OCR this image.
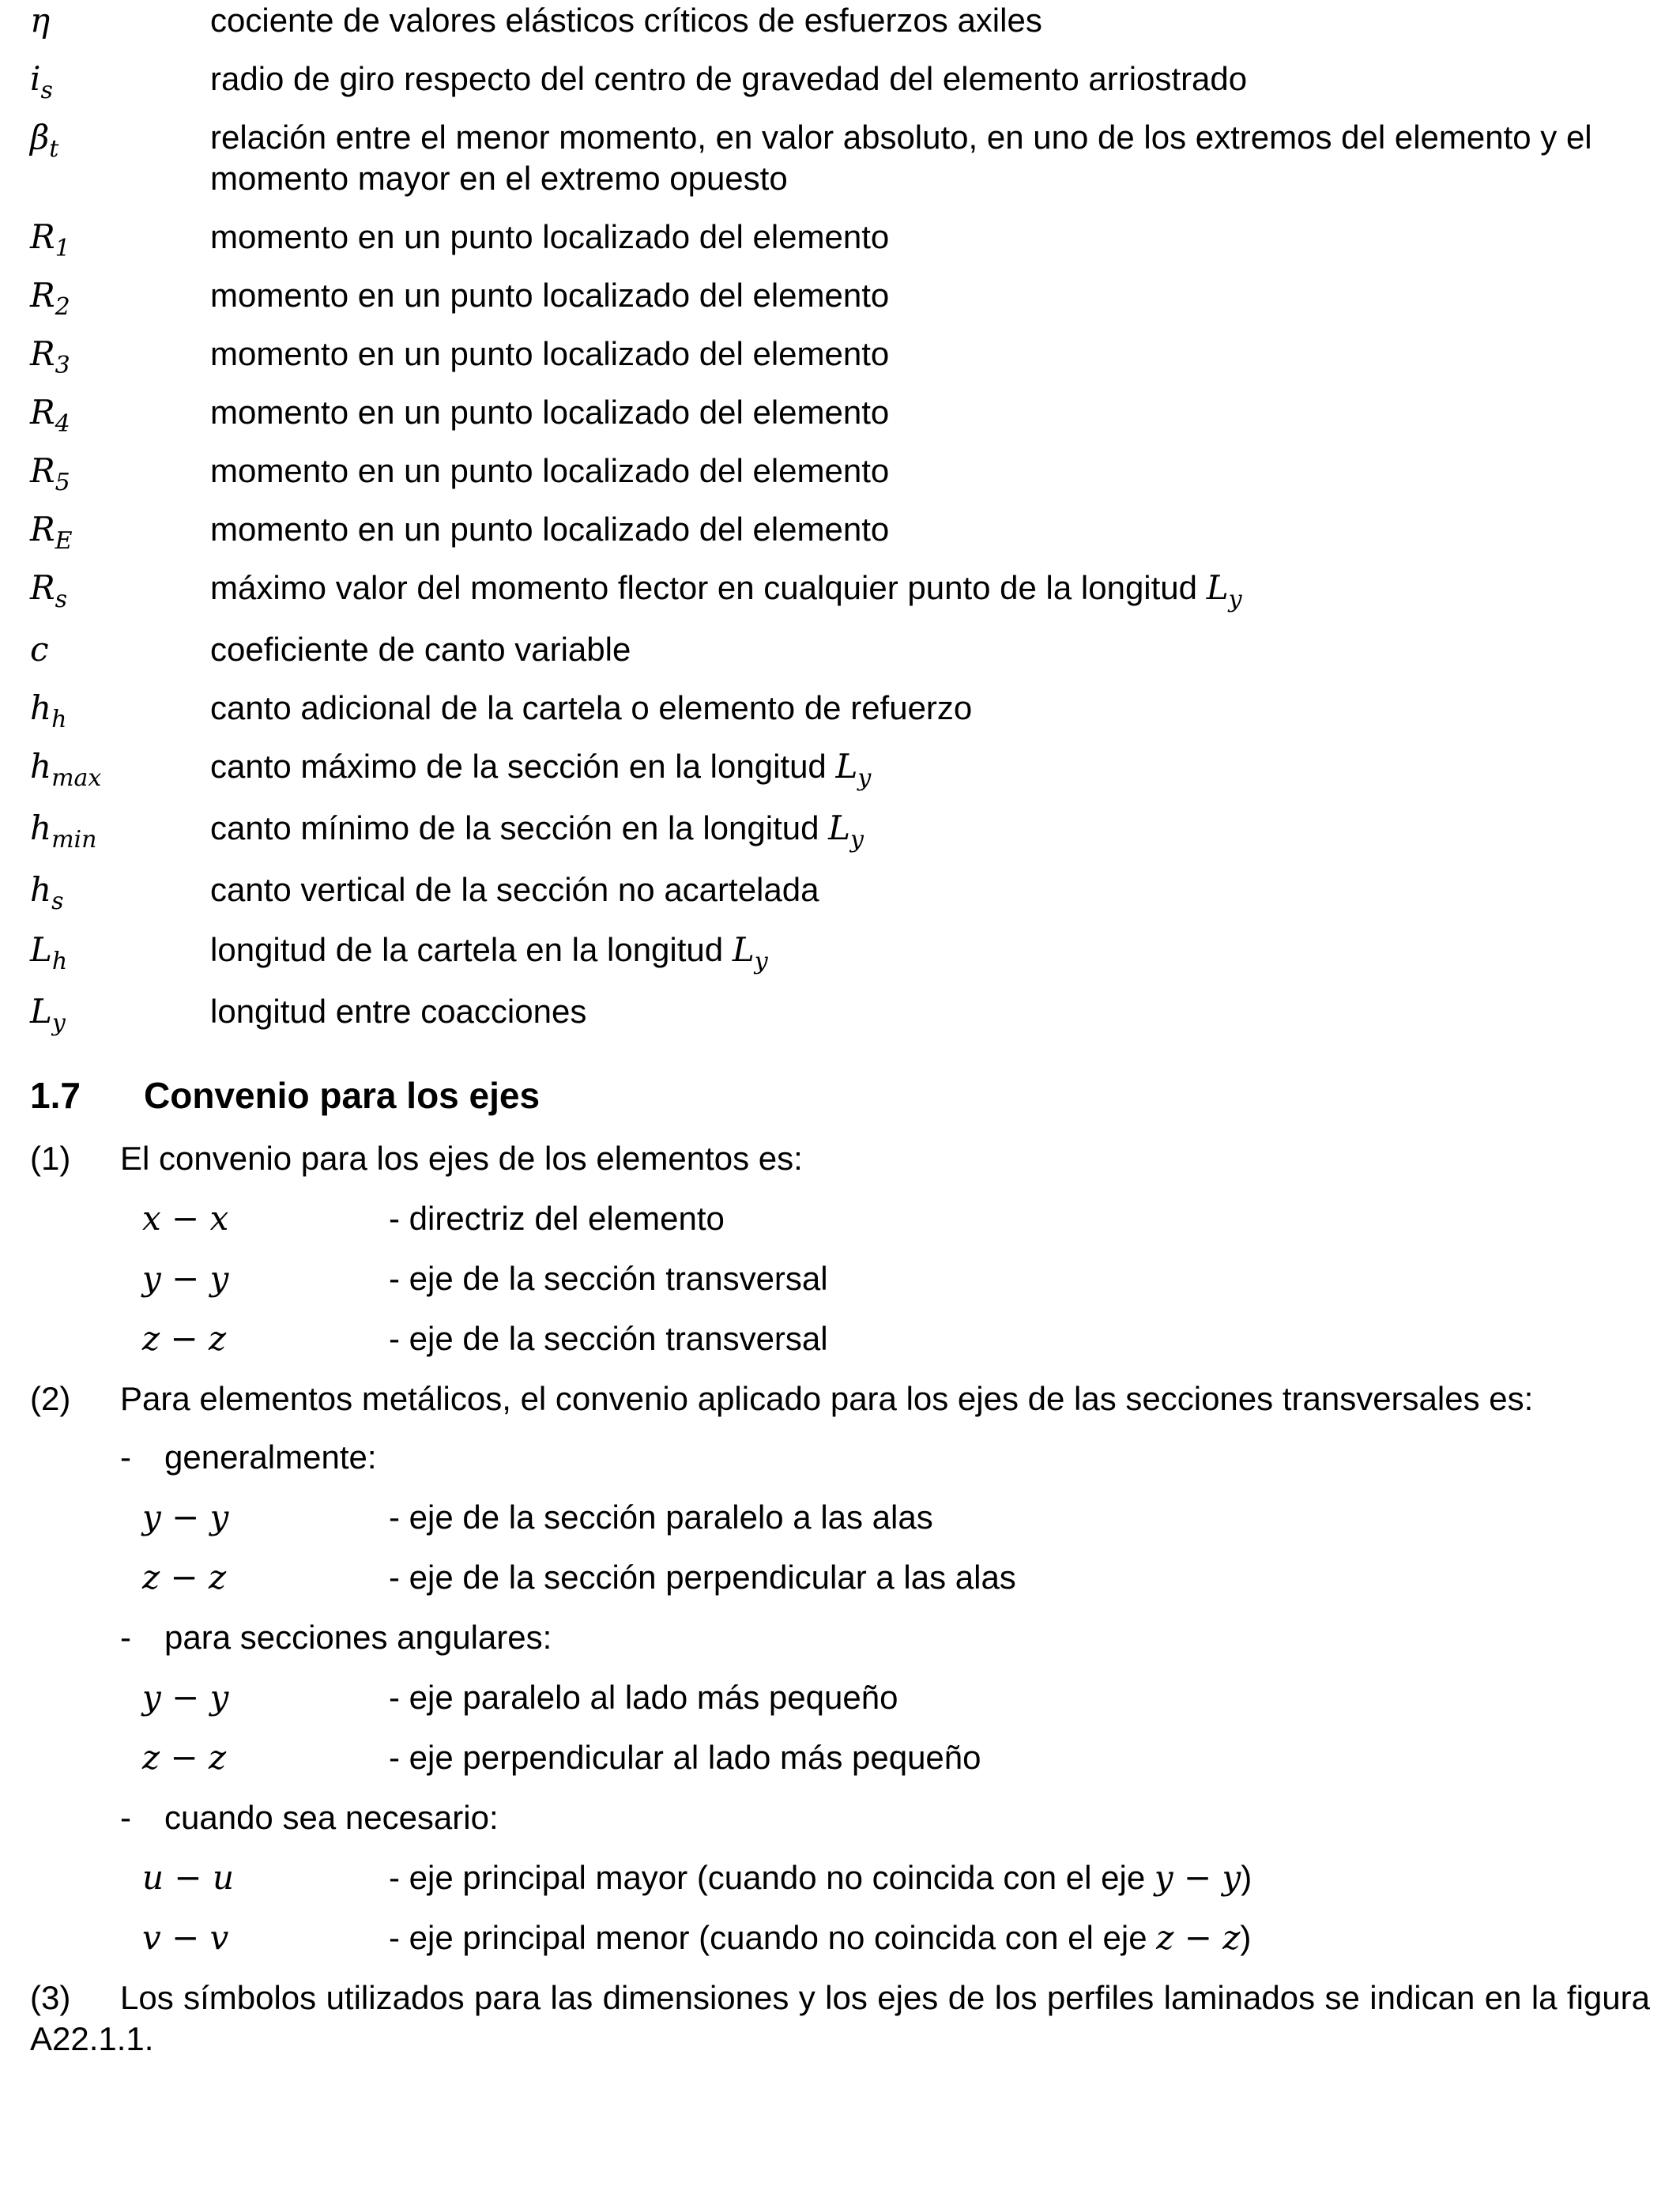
η	cociente de valores elásticos críticos de esfuerzos axiles
$i_s$	radio de giro respecto del centro de gravedad del elemento arriostrado
$\beta_t$	relación entre el menor momento, en valor absoluto, en uno de los extremos del elemento y el momento mayor en el extremo opuesto
$R_1$	momento en un punto localizado del elemento
$R_2$	momento en un punto localizado del elemento
$R_3$	momento en un punto localizado del elemento
$R_4$	momento en un punto localizado del elemento
$R_5$	momento en un punto localizado del elemento
$R_E$	momento en un punto localizado del elemento
$R_s$	máximo valor del momento flector en cualquier punto de la longitud $L_y$
c	coeficiente de canto variable
$h_h$	canto adicional de la cartela o elemento de refuerzo
$h_{max}$	canto máximo de la sección en la longitud $L_y$
$h_{min}$	canto mínimo de la sección en la longitud $L_y$
$h_s$	canto vertical de la sección no acartelada
$L_h$	longitud de la cartela en la longitud $L_y$
$L_y$	longitud entre coacciones
1.7 Convenio para los ejes
(1) El convenio para los ejes de los elementos es:
x − x	- directriz del elemento
y − y	- eje de la sección transversal
z − z	- eje de la sección transversal
(2) Para elementos metálicos, el convenio aplicado para los ejes de las secciones transversales es:
- generalmente:
y − y	- eje de la sección paralelo a las alas
z − z	- eje de la sección perpendicular a las alas
- para secciones angulares:
y − y	- eje paralelo al lado más pequeño
z − z	- eje perpendicular al lado más pequeño
- cuando sea necesario:
u − u	- eje principal mayor (cuando no coincida con el eje y − y)
v − v	- eje principal menor (cuando no coincida con el eje z − z)
(3)	Los símbolos utilizados para las dimensiones y los ejes de los perfiles laminados se indican en la figura A22.1.1.
